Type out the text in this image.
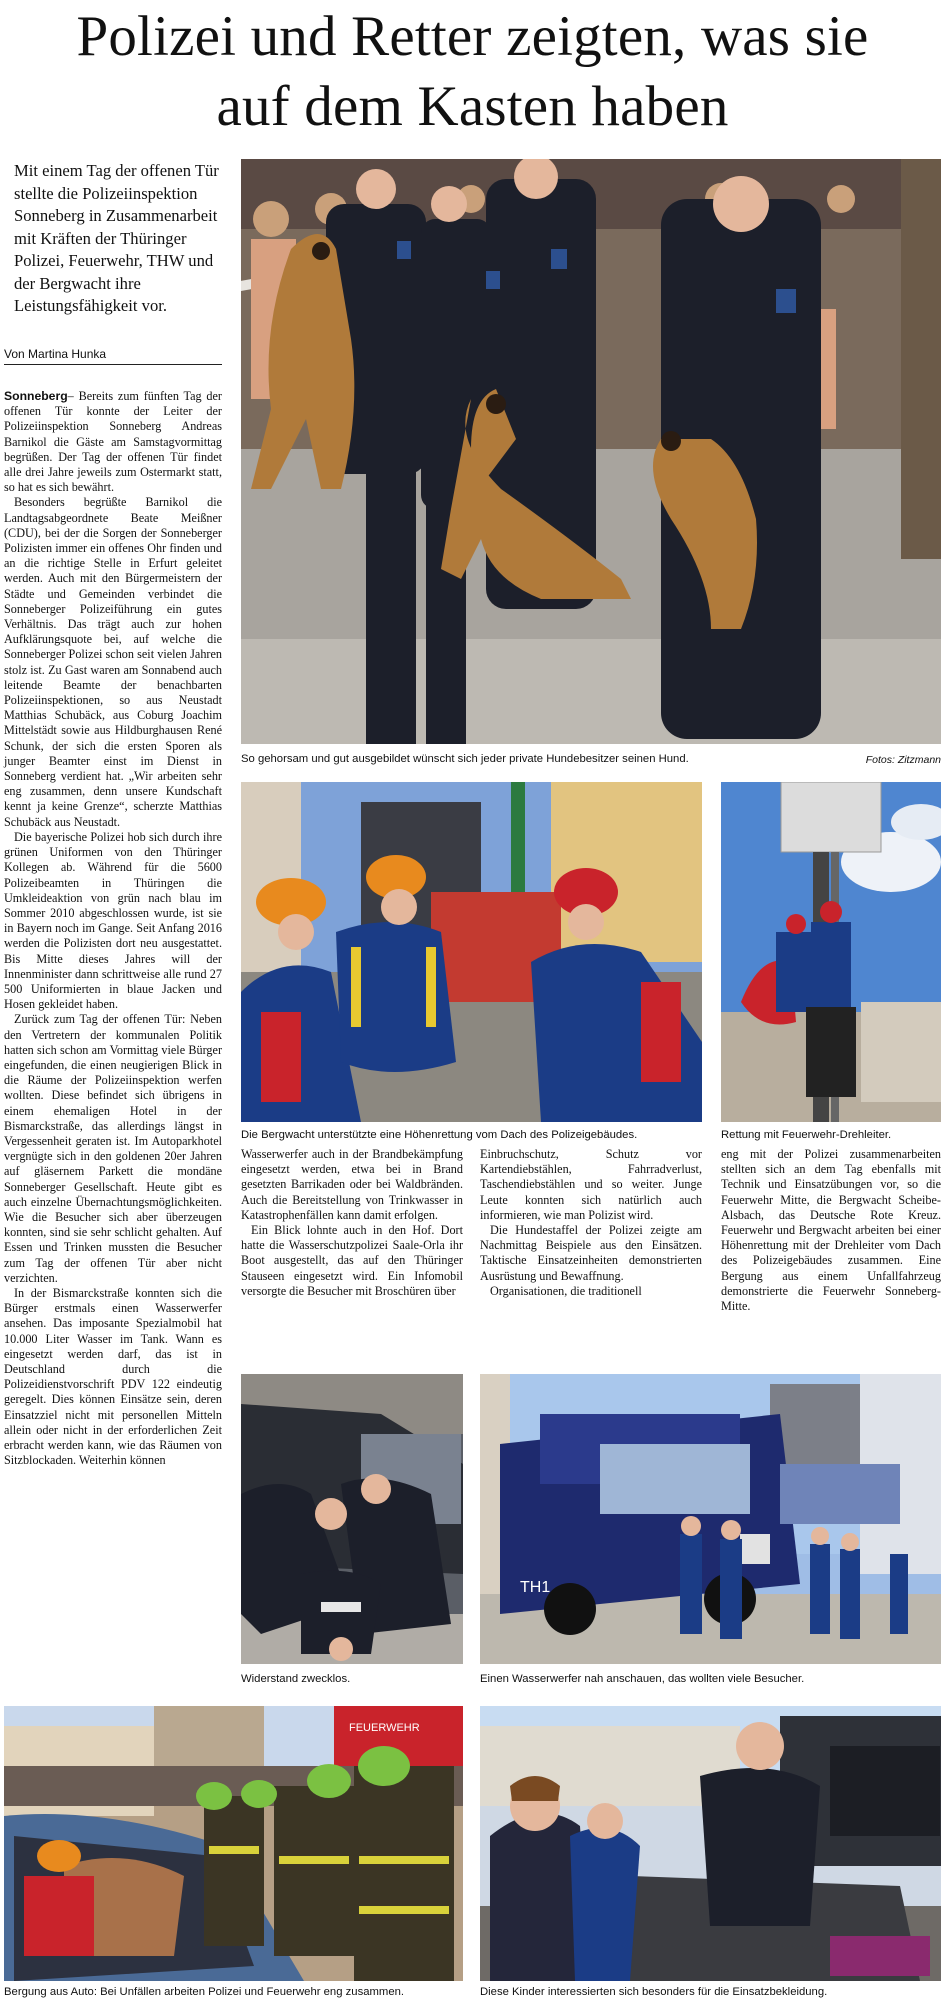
Polizei und Retter zeigten, was sie
auf dem Kasten haben
Mit einem Tag der offenen Tür stellte die Polizeiinspektion Sonneberg in Zusammenarbeit mit Kräften der Thüringer Polizei, Feuerwehr, THW und der Bergwacht ihre Leistungsfähigkeit vor.
Von Martina Hunka

Sonneberg– Bereits zum fünften Tag der offenen Tür konnte der Leiter der Polizeiinspektion Sonneberg Andreas Barnikol die Gäste am Samstagvormittag begrüßen. Der Tag der offenen Tür findet alle drei Jahre jeweils zum Ostermarkt statt, so hat es sich bewährt.

Besonders begrüßte Barnikol die Landtagsabgeordnete Beate Meißner (CDU), bei der die Sorgen der Sonneberger Polizisten immer ein offenes Ohr finden und an die richtige Stelle in Erfurt geleitet werden. Auch mit den Bürgermeistern der Städte und Gemeinden verbindet die Sonneberger Polizeiführung ein gutes Verhältnis. Das trägt auch zur hohen Aufklärungsquote bei, auf welche die Sonneberger Polizei schon seit vielen Jahren stolz ist. Zu Gast waren am Sonnabend auch leitende Beamte der benachbarten Polizeiinspektionen, so aus Neustadt Matthias Schubäck, aus Coburg Joachim Mittelstädt sowie aus Hildburghausen René Schunk, der sich die ersten Sporen als junger Beamter einst im Dienst in Sonneberg verdient hat. „Wir arbeiten sehr eng zusammen, denn unsere Kundschaft kennt ja keine Grenze“, scherzte Matthias Schubäck aus Neustadt.

Die bayerische Polizei hob sich durch ihre grünen Uniformen von den Thüringer Kollegen ab. Während für die 5600 Polizeibeamten in Thüringen die Umkleideaktion von grün nach blau im Sommer 2010 abgeschlossen wurde, ist sie in Bayern noch im Gange. Seit Anfang 2016 werden die Polizisten dort neu ausgestattet. Bis Mitte dieses Jahres will der Innenminister dann schrittweise alle rund 27 500 Uniformierten in blaue Jacken und Hosen gekleidet haben.

Zurück zum Tag der offenen Tür: Neben den Vertretern der kommunalen Politik hatten sich schon am Vormittag viele Bürger eingefunden, die einen neugierigen Blick in die Räume der Polizeiinspektion werfen wollten. Diese befindet sich übrigens in einem ehemaligen Hotel in der Bismarckstraße, das allerdings längst in Vergessenheit geraten ist. Im Autoparkhotel vergnügte sich in den goldenen 20er Jahren auf gläsernem Parkett die mondäne Sonneberger Gesellschaft. Heute gibt es auch einzelne Übernachtungsmöglichkeiten. Wie die Besucher sich aber überzeugen konnten, sind sie sehr schlicht gehalten. Auf Essen und Trinken mussten die Besucher zum Tag der offenen Tür aber nicht verzichten.

In der Bismarckstraße konnten sich die Bürger erstmals einen Wasserwerfer ansehen. Das imposante Spezialmobil hat 10.000 Liter Wasser im Tank. Wann es eingesetzt werden darf, das ist in Deutschland durch die Polizeidienstvorschrift PDV 122 eindeutig geregelt. Dies können Einsätze sein, deren Einsatzziel nicht mit personellen Mitteln allein oder nicht in der erforderlichen Zeit erbracht werden kann, wie das Räumen von Sitzblockaden. Weiterhin können

So gehorsam und gut ausgebildet wünscht sich jeder private Hundebesitzer seinen Hund.	Fotos: Zitzmann
Die Bergwacht unterstützte eine Höhenrettung vom Dach des Polizeigebäudes.	Rettung mit Feuerwehr-Drehleiter.

Wasserwerfer auch in der Brandbekämpfung eingesetzt werden, etwa bei in Brand gesetzten Barrikaden oder bei Waldbränden. Auch die Bereitstellung von Trinkwasser in Katastrophenfällen kann damit erfolgen.

Ein Blick lohnte auch in den Hof. Dort hatte die Wasserschutzpolizei Saale-Orla ihr Boot ausgestellt, das auf den Thüringer Stauseen eingesetzt wird. Ein Infomobil versorgte die Besucher mit Broschüren über

Einbruchschutz, Schutz vor Kartendiebstählen, Fahrradverlust, Taschendiebstählen und so weiter. Junge Leute konnten sich natürlich auch informieren, wie man Polizist wird.

Die Hundestaffel der Polizei zeigte am Nachmittag Beispiele aus den Einsätzen. Taktische Einsatzeinheiten demonstrierten Ausrüstung und Bewaffnung.

Organisationen, die traditionell

eng mit der Polizei zusammenarbeiten stellten sich an dem Tag ebenfalls mit Technik und Einsatzübungen vor, so die Feuerwehr Mitte, die Bergwacht Scheibe-Alsbach, das Deutsche Rote Kreuz. Feuerwehr und Bergwacht arbeiten bei einer Höhenrettung mit der Drehleiter vom Dach des Polizeigebäudes zusammen. Eine Bergung aus einem Unfallfahrzeug demonstrierte die Feuerwehr Sonneberg-Mitte.

Widerstand zwecklos.
TH1
Einen Wasserwerfer nah anschauen, das wollten viele Besucher.
FEUERWEHR
Bergung aus Auto: Bei Unfällen arbeiten Polizei und Feuerwehr eng zusammen.	Diese Kinder interessierten sich besonders für die Einsatzbekleidung.
